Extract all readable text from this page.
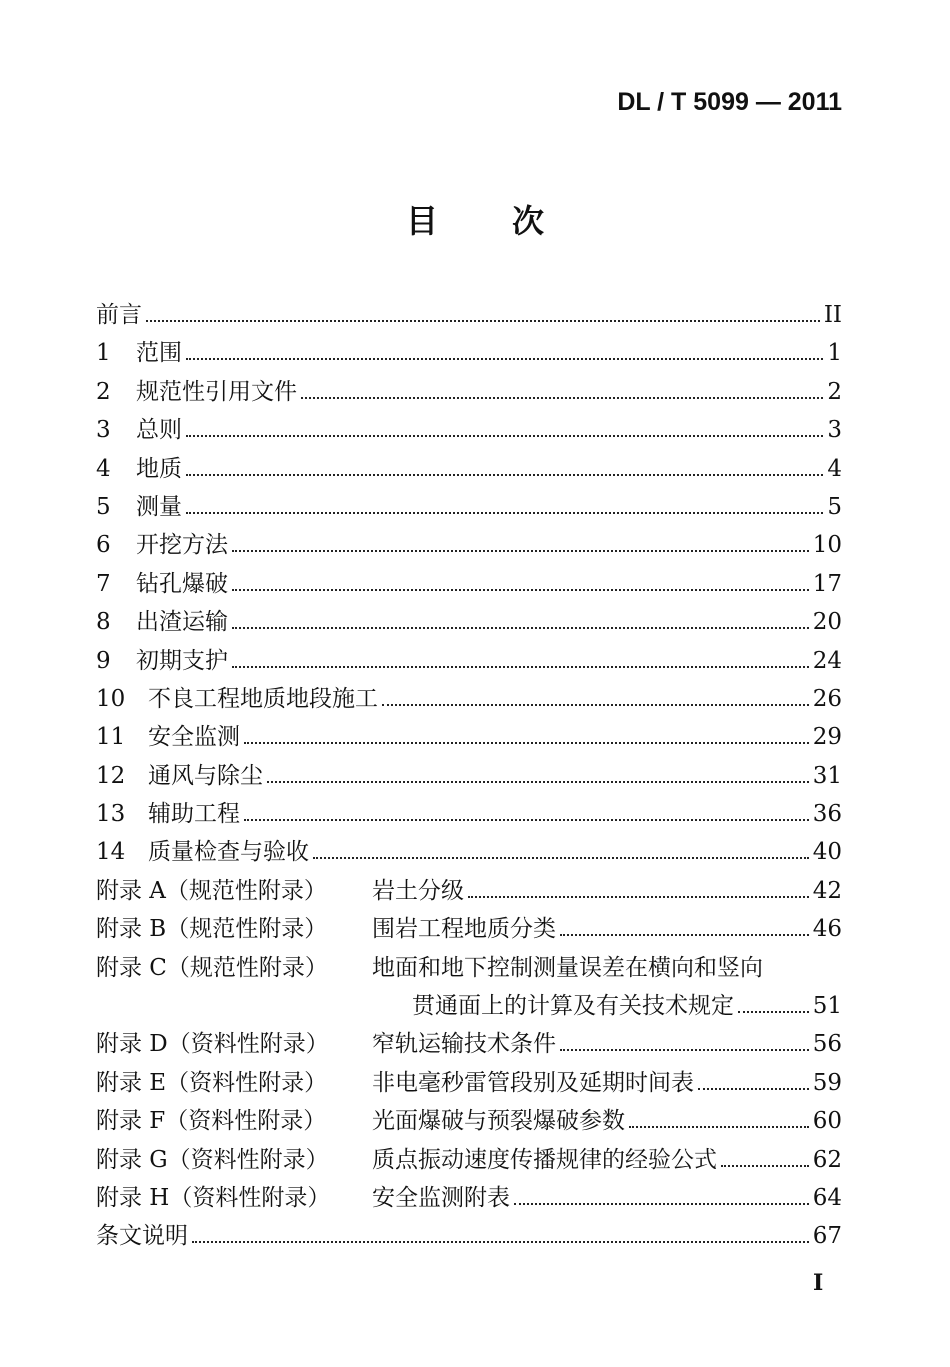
DL / T 5099 — 2011
目 次
前言	II
1	范围	1
2	规范性引用文件	2
3	总则	3
4	地质	4
5	测量	5
6	开挖方法	10
7	钻孔爆破	17
8	出渣运输	20
9	初期支护	24
10 不良工程地质地段施工	26
11 安全监测	29
12 通风与除尘	31
13 辅助工程	36
14 质量检查与验收	40
附录 A（规范性附录）	岩土分级	42
附录 B（规范性附录）	围岩工程地质分类	46
附录 C（规范性附录）	地面和地下控制测量误差在横向和竖向
贯通面上的计算及有关技术规定	51
附录 D（资料性附录）	窄轨运输技术条件	56
附录 E（资料性附录）	非电毫秒雷管段别及延期时间表	59
附录 F（资料性附录）	光面爆破与预裂爆破参数	60
附录 G（资料性附录）	质点振动速度传播规律的经验公式	62
附录 H（资料性附录）	安全监测附表	64
条文说明	67
I
